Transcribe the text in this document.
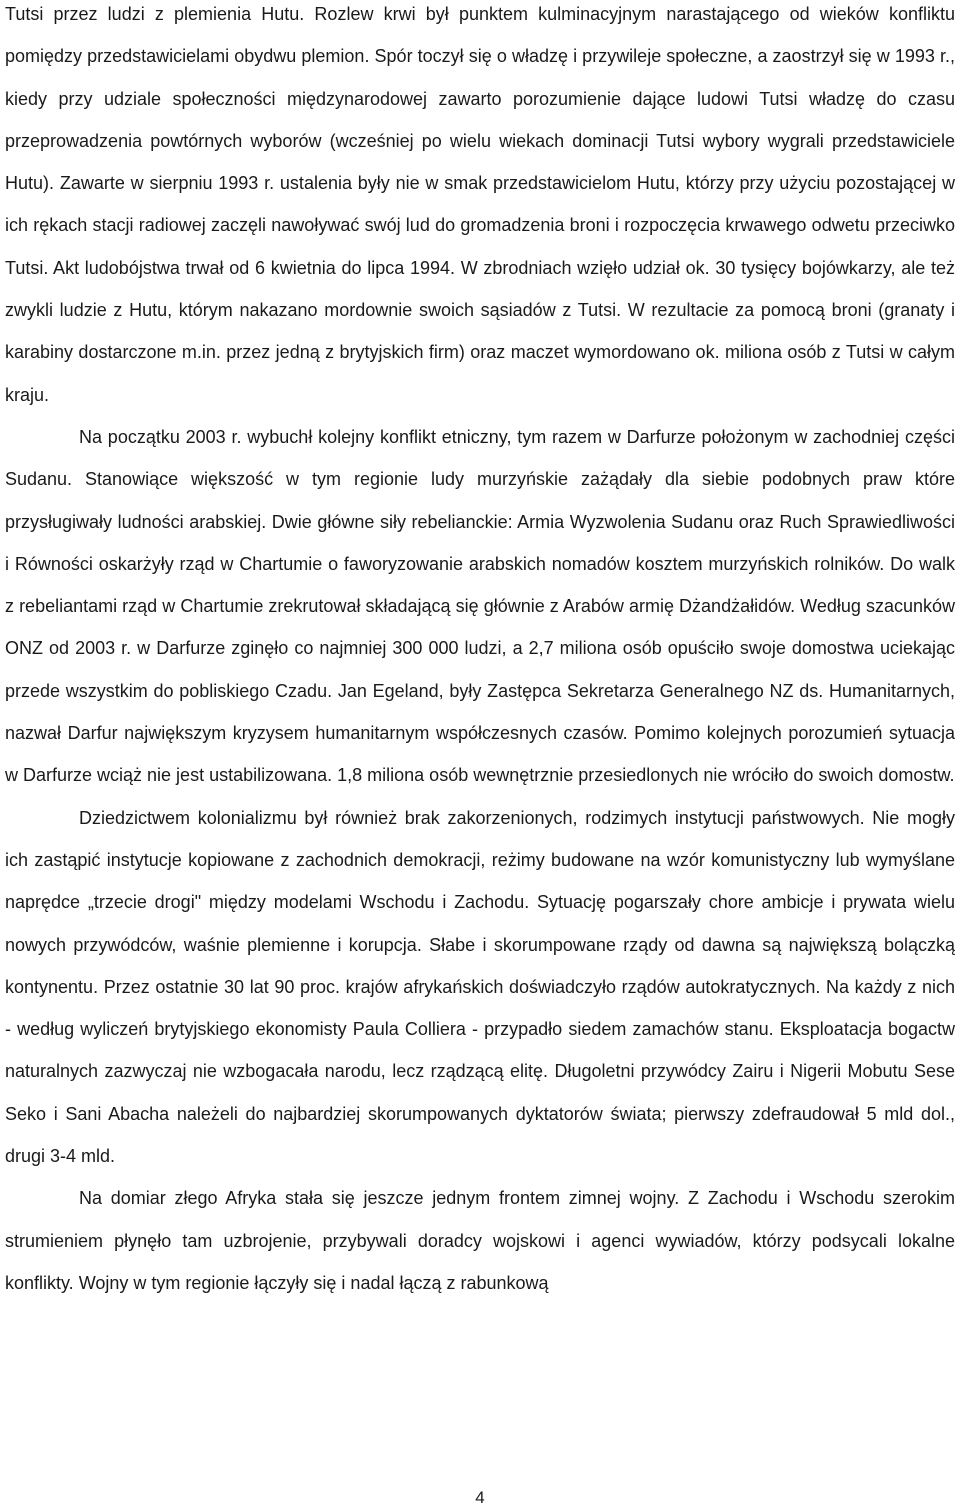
Tutsi przez ludzi z plemienia Hutu. Rozlew krwi był punktem kulminacyjnym narastającego od wieków konfliktu pomiędzy przedstawicielami obydwu plemion. Spór toczył się o władzę i przywileje społeczne, a zaostrzył się w 1993 r., kiedy przy udziale społeczności międzynarodowej zawarto porozumienie dające ludowi Tutsi władzę do czasu przeprowadzenia powtórnych wyborów (wcześniej po wielu wiekach dominacji Tutsi wybory wygrali przedstawiciele Hutu). Zawarte w sierpniu 1993 r. ustalenia były nie w smak przedstawicielom Hutu, którzy przy użyciu pozostającej w ich rękach stacji radiowej zaczęli nawoływać swój lud do gromadzenia broni i rozpoczęcia krwawego odwetu przeciwko Tutsi. Akt ludobójstwa trwał od 6 kwietnia do lipca 1994. W zbrodniach wzięło udział ok. 30 tysięcy bojówkarzy, ale też zwykli ludzie z Hutu, którym nakazano mordownie swoich sąsiadów z Tutsi. W rezultacie za pomocą broni (granaty i karabiny dostarczone m.in. przez jedną z brytyjskich firm) oraz maczet wymordowano ok. miliona osób z Tutsi w całym kraju.

Na początku 2003 r. wybuchł kolejny konflikt etniczny, tym razem w Darfurze położonym w zachodniej części Sudanu. Stanowiące większość w tym regionie ludy murzyńskie zażądały dla siebie podobnych praw które przysługiwały ludności arabskiej. Dwie główne siły rebelianckie: Armia Wyzwolenia Sudanu oraz Ruch Sprawiedliwości i Równości oskarżyły rząd w Chartumie o faworyzowanie arabskich nomadów kosztem murzyńskich rolników. Do walk z rebeliantami rząd w Chartumie zrekrutował składającą się głównie z Arabów armię Dżandżałidów. Według szacunków ONZ od 2003 r. w Darfurze zginęło co najmniej 300 000 ludzi, a 2,7 miliona osób opuściło swoje domostwa uciekając przede wszystkim do pobliskiego Czadu. Jan Egeland, były Zastępca Sekretarza Generalnego NZ ds. Humanitarnych, nazwał Darfur największym kryzysem humanitarnym współczesnych czasów. Pomimo kolejnych porozumień sytuacja w Darfurze wciąż nie jest ustabilizowana. 1,8 miliona osób wewnętrznie przesiedlonych nie wróciło do swoich domostw.

Dziedzictwem kolonializmu był również brak zakorzenionych, rodzimych instytucji państwowych. Nie mogły ich zastąpić instytucje kopiowane z zachodnich demokracji, reżimy budowane na wzór komunistyczny lub wymyślane naprędce „trzecie drogi" między modelami Wschodu i Zachodu. Sytuację pogarszały chore ambicje i prywata wielu nowych przywódców, waśnie plemienne i korupcja. Słabe i skorumpowane rządy od dawna są największą bolączką kontynentu. Przez ostatnie 30 lat 90 proc. krajów afrykańskich doświadczyło rządów autokratycznych. Na każdy z nich - według wyliczeń brytyjskiego ekonomisty Paula Colliera - przypadło siedem zamachów stanu. Eksploatacja bogactw naturalnych zazwyczaj nie wzbogacała narodu, lecz rządzącą elitę. Długoletni przywódcy Zairu i Nigerii Mobutu Sese Seko i Sani Abacha należeli do najbardziej skorumpowanych dyktatorów świata; pierwszy zdefraudował 5 mld dol., drugi 3-4 mld.

Na domiar złego Afryka stała się jeszcze jednym frontem zimnej wojny. Z Zachodu i Wschodu szerokim strumieniem płynęło tam uzbrojenie, przybywali doradcy wojskowi i agenci wywiadów, którzy podsycali lokalne konflikty. Wojny w tym regionie łączyły się i nadal łączą z rabunkową

4
